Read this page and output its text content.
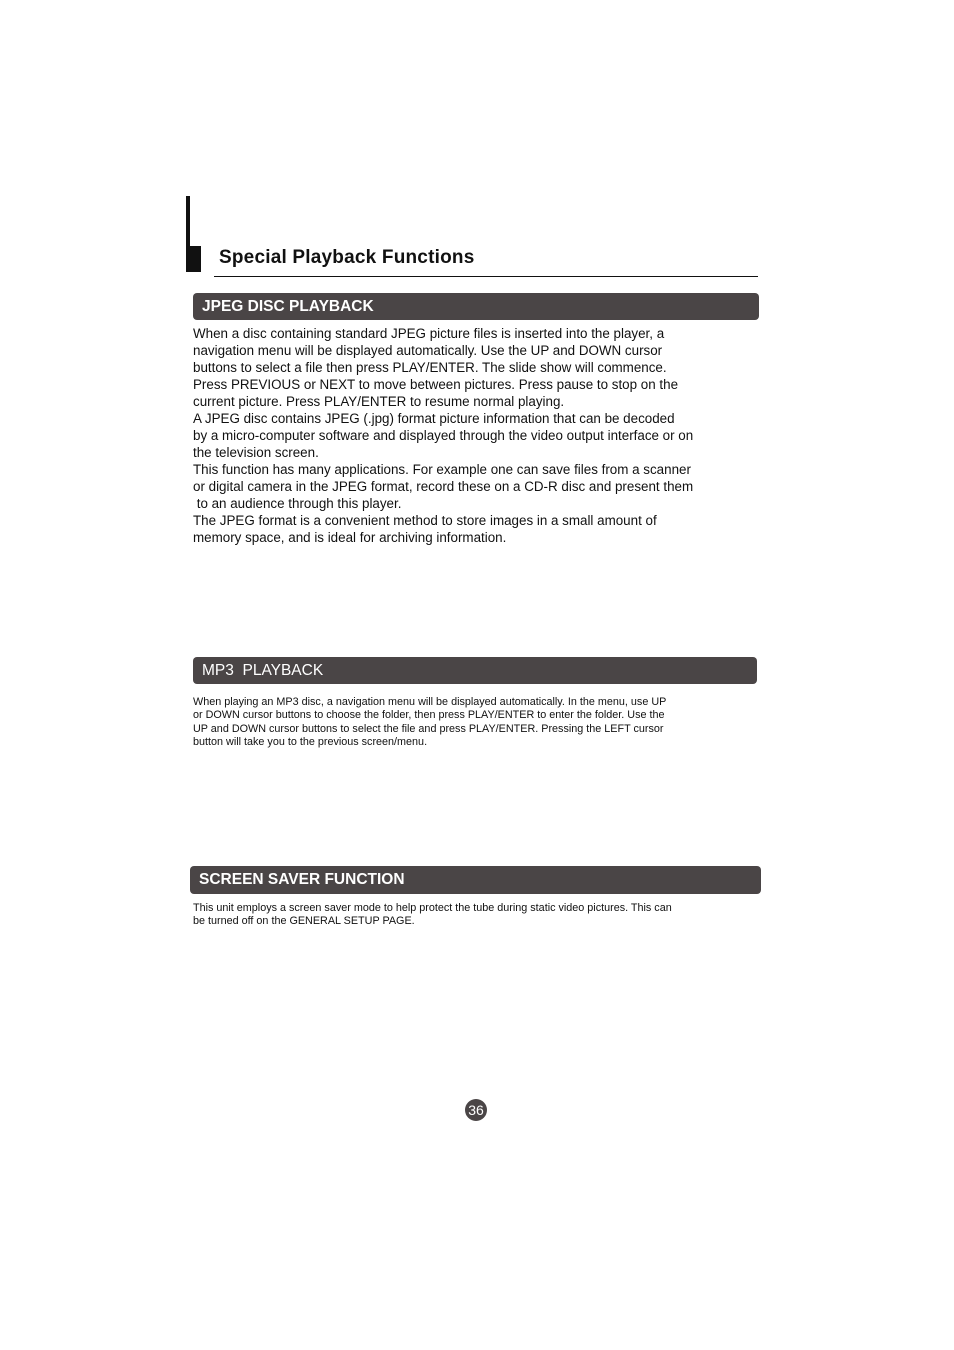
Special Playback Functions
JPEG DISC PLAYBACK

When a disc containing standard JPEG picture files is inserted into the player, a

navigation menu will be displayed automatically. Use the UP and DOWN cursor

buttons to select a file then press PLAY/ENTER. The slide show will commence.

Press PREVIOUS or NEXT to move between pictures. Press pause to stop on the

current picture. Press PLAY/ENTER to resume normal playing.

A JPEG disc contains JPEG (.jpg) format picture information that can be decoded

by a micro-computer software and displayed through the video output interface or on

the television screen.

This function has many applications. For example one can save files from a scanner

or digital camera in the JPEG format, record these on a CD-R disc and present them

to an audience through this player.

The JPEG format is a convenient method to store images in a small amount of

memory space, and is ideal for archiving information.

MP3  PLAYBACK

When playing an MP3 disc, a navigation menu will be displayed automatically. In the menu, use UP

or DOWN cursor buttons to choose the folder, then press PLAY/ENTER to enter the folder. Use the

UP and DOWN cursor buttons to select the file and press PLAY/ENTER. Pressing the LEFT cursor

button will take you to the previous screen/menu.

SCREEN SAVER FUNCTION

This unit employs a screen saver mode to help protect the tube during static video pictures. This can

be turned off on the GENERAL SETUP PAGE.

36
